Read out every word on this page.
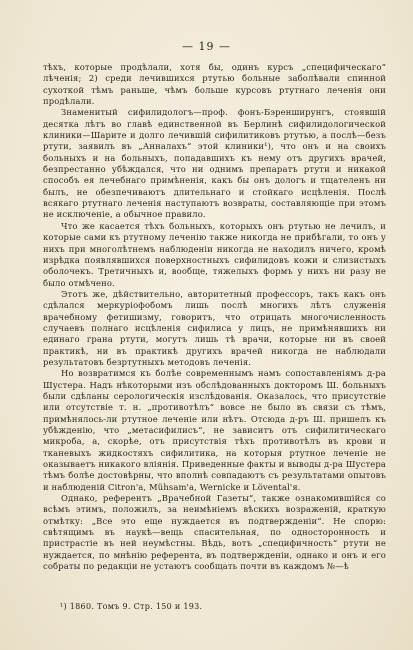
— 19 —

тѣхъ, которые продѣлали, хотя бы, одинъ курсъ „специфическаго“ лѣченія; 2) среди лечившихся ртутью больные заболѣвали спинной сухоткой тѣмъ раньше, чѣмъ больше курсовъ ртутнаго леченія они продѣлали.

Знаменитый сифилидологъ—проф. фонъ-Бэренширунгъ, стоявшій десятка лѣтъ во главѣ единственной въ Берлинѣ сифилидологической клиники—Шарите и долго лечившій сифилитиковъ ртутью, а послѣ—безъ ртути, заявилъ въ „Анналахъ“ этой клиники¹), что онъ и на своихъ больныхъ и на больныхъ, попадавшихъ къ нему отъ другихъ врачей, безпрестанно убѣждался, что ни однимъ препаратъ ртути и никакой способъ ея лечебнаго примѣненія, какъ бы онъ дологъ и тщателенъ ни былъ, не обезпечиваютъ длительнаго и стойкаго исцѣленія. Послѣ всякаго ртутнаго леченія наступаютъ возвраты, составляющіе при этомъ не исключеніе, а обычное правило.

Что же касается тѣхъ больныхъ, которыхъ онъ ртутью не лечилъ, и которые сами къ ртутному леченію также никогда не прибѣгали, то онъ у нихъ при многолѣтнемъ наблюденіи никогда не находилъ ничего, кромѣ изрѣдка появлявшихся поверхностныхъ сифилидовъ кожи и слизистыхъ оболочекъ. Третичныхъ и, вообще, тяжелыхъ формъ у нихъ ни разу не было отмѣчено.

Этотъ же, дѣйствительно, авторитетный профессоръ, такъ какъ онъ сдѣлался меркуріофобомъ лишь послѣ многихъ лѣтъ служенія врачебному фетишизму, говоритъ, что отрицать многочисленность случаевъ полнаго исцѣленія сифилиса у лицъ, не примѣнявшихъ ни единаго грана ртути, могутъ лишь тѣ врачи, которые ни въ своей практикѣ, ни въ практикѣ другихъ врачей никогда не наблюдали результатовъ безртутныхъ методовъ леченія.

Но возвратимся къ болѣе современнымъ намъ сопоставленіямъ д-ра Шустера. Надъ нѣкоторыми изъ обслѣдованныхъ докторомъ Ш. больныхъ были сдѣланы серологическія изслѣдованія. Оказалось, что присутствіе или отсутствіе т. н. „противотѣлъ“ вовсе не было въ связи съ тѣмъ, примѣнялось-ли ртутное леченіе или нѣтъ. Отсюда д-ръ Ш. пришелъ къ убѣжденію, что „метасифилисъ“, не зависитъ отъ сифилитическаго микроба, а, скорѣе, отъ присутствія тѣхъ противотѣлъ въ крови и тканевыхъ жидкостяхъ сифилитика, на которыя ртутное леченіе не оказываетъ никакого вліянія. Приведенные факты и выводы д-ра Шустера тѣмъ болѣе достовѣрны, что вполнѣ совпадаютъ съ результатами опытовъ и наблюденій Citron'а, Mühsam'а, Wernicke и Lövental'я.

Однако, референтъ „Врачебной Газеты“, также ознакомившійся со всѣмъ этимъ, положилъ, за неимѣніемъ вѣскихъ возраженій, краткую отмѣтку: „Все это еще нуждается въ подтвержденіи“. Не спорю: свѣтящимъ въ наукѣ—вещь спасительная, по односторонность и пристрастіе въ ней неумѣстны. Вѣдь, вотъ „специфичность“ ртути не нуждается, по мнѣнію референта, въ подтвержденіи, однако и онъ и его собраты по редакціи не устаютъ сообщать почти въ каждомъ №—ѣ

¹) 1860. Томъ 9. Стр. 150 и 193.
